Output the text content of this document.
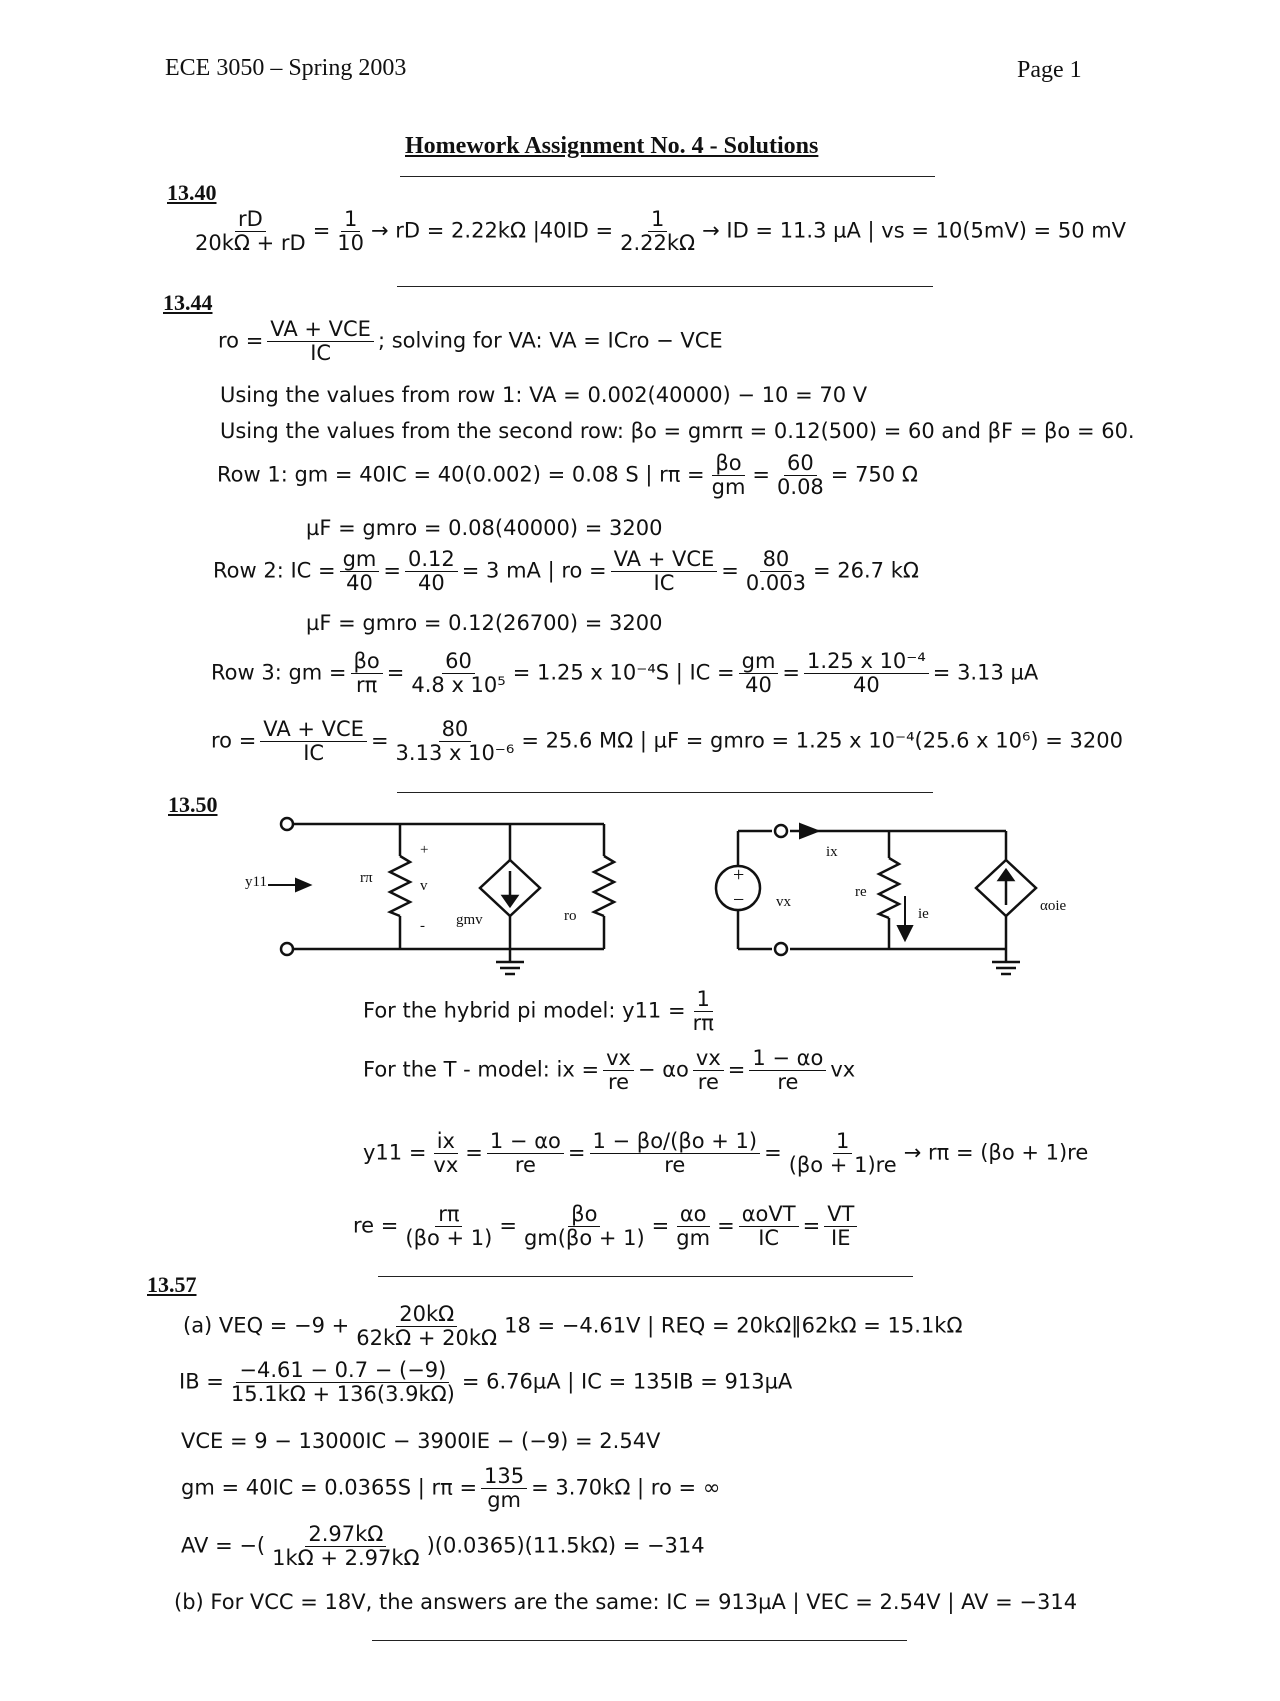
ECE 3050 – Spring 2003	Page 1
Homework Assignment No. 4 - Solutions
13.40
$\frac{rD}{20k\Omega + rD} = \frac{1}{10}$ → rD = 2.22kΩ $|40ID = \frac{1}{2.22k\Omega}$ → ID = 11.3 µA | vs = 10(5mV) = 50 mV
13.44
ro = $\frac{\text{VA + VCE}}{IC}$ ; solving for VA: VA = ICro − VCE
Using the values from row 1: VA = 0.002(40000) − 10 = 70 V
Using the values from the second row: βo = gmrπ = 0.12(500) = 60 and βF = βo = 60.
Row 1: gm = 40IC = 40(0.002) = 0.08 S | $r\pi = \frac{\beta o}{gm} = \frac{60}{0.08} = 750$ Ω
µF = gmro = 0.08(40000) = 3200
Row 2: IC = $\frac{gm}{40} = \frac{0.12}{40} = 3$ mA | ro = $\frac{\text{VA + VCE}}{IC} = \frac{80}{0.003} = 26.7$ kΩ
µF = gmro = 0.12(26700) = 3200
Row 3: gm = $\frac{\beta o}{r\pi} = \frac{60}{\text{4.8 x 10⁵}} = 1.25$ x 10⁻⁴S | IC = $\frac{gm}{40} = \frac{\text{1.25 x 10⁻⁴}}{40} = 3.13$ µA
ro = $\frac{\text{VA + VCE}}{IC} = \frac{80}{\text{3.13 x 10⁻⁶}} = 25.6$ MΩ | µF = gmro = 1.25 x 10⁻⁴(25.6 x 10⁶) = 3200
13.50
y11	rπ
+
v
- gmv	ro
+
− vx
ix
re
ie	αoie
For the hybrid pi model: $y11 = \frac{1}{r\pi}$
For the T - model: ix = $\frac{vx}{re} - \alpha o \frac{vx}{re} = \frac{1 - \alpha o}{re}$ vx
$y11 = \frac{ix}{vx} = \frac{1 - \alpha o}{re} = \frac{1 - \beta o/(\beta o + 1)}{re} = \frac{1}{(\beta o + 1)re} \to r\pi = (\beta o + 1)re$
re = $\frac{r\pi}{(\beta o + 1)} = \frac{\beta o}{gm(\beta o + 1)} = \frac{\alpha o}{gm} = \frac{\text{αoVT}}{IC} = \frac{VT}{IE}$
13.57
(a) VEQ = $-9 + \frac{20k\Omega}{62k\Omega + 20k\Omega} 18 = -4.61V$ | REQ = 20kΩ‖62kΩ = 15.1kΩ
IB = $\frac{-4.61 - 0.7 - (-9)}{15.1k\Omega + 136(3.9k\Omega)} = 6.76\mu A$ | IC = 135IB = 913µA
VCE = 9 − 13000IC − 3900IE − (−9) = 2.54V
gm = 40IC = 0.0365S | $r\pi = \frac{135}{gm} = 3.70k\Omega$ | ro = ∞
AV = −( $\frac{2.97k\Omega}{1k\Omega + 2.97k\Omega} )(0.0365)(11.5k\Omega) = -314$
(b) For VCC = 18V, the answers are the same: IC = 913µA | VEC = 2.54V | AV = −314
